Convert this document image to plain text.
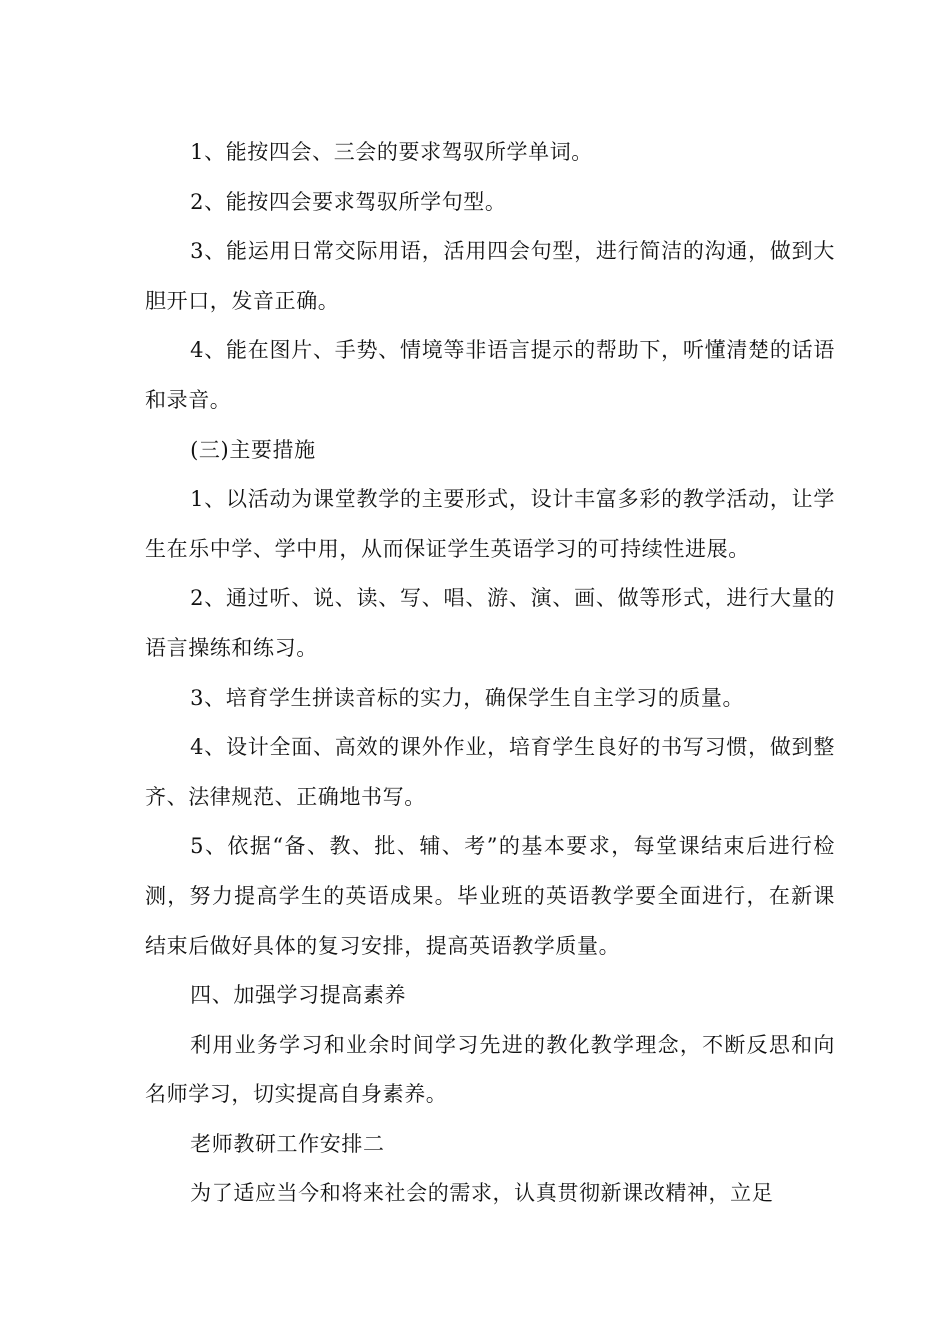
1、能按四会、三会的要求驾驭所学单词。

2、能按四会要求驾驭所学句型。

3、能运用日常交际用语，活用四会句型，进行简洁的沟通，做到大胆开口，发音正确。

4、能在图片、手势、情境等非语言提示的帮助下，听懂清楚的话语和录音。

(三)主要措施

1、以活动为课堂教学的主要形式，设计丰富多彩的教学活动，让学生在乐中学、学中用，从而保证学生英语学习的可持续性进展。

2、通过听、说、读、写、唱、游、演、画、做等形式，进行大量的语言操练和练习。

3、培育学生拼读音标的实力，确保学生自主学习的质量。

4、设计全面、高效的课外作业，培育学生良好的书写习惯，做到整齐、法律规范、正确地书写。

5、依据“备、教、批、辅、考”的基本要求，每堂课结束后进行检测，努力提高学生的英语成果。毕业班的英语教学要全面进行，在新课结束后做好具体的复习安排，提高英语教学质量。

四、加强学习提高素养

利用业务学习和业余时间学习先进的教化教学理念，不断反思和向名师学习，切实提高自身素养。

老师教研工作安排二

为了适应当今和将来社会的需求，认真贯彻新课改精神，立足
